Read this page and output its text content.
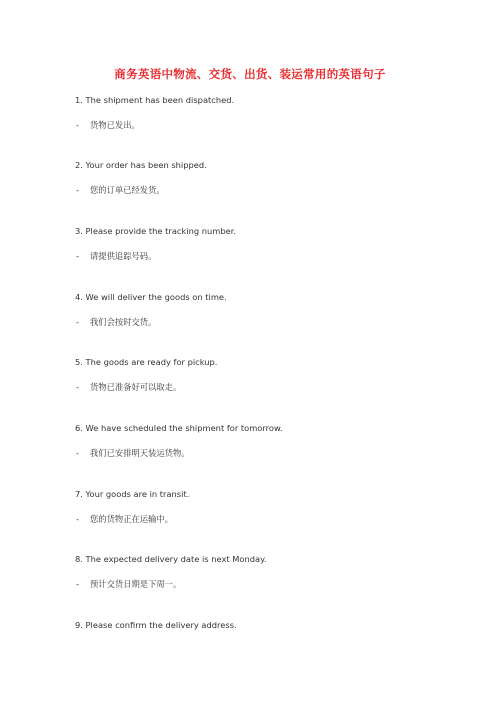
商务英语中物流、交货、出货、装运常用的英语句子
1. The shipment has been dispatched.
- 货物已发出。
2. Your order has been shipped.
- 您的订单已经发货。
3. Please provide the tracking number.
- 请提供追踪号码。
4. We will deliver the goods on time.
- 我们会按时交货。
5. The goods are ready for pickup.
- 货物已准备好可以取走。
6. We have scheduled the shipment for tomorrow.
- 我们已安排明天装运货物。
7. Your goods are in transit.
- 您的货物正在运输中。
8. The expected delivery date is next Monday.
- 预计交货日期是下周一。
9. Please confirm the delivery address.
